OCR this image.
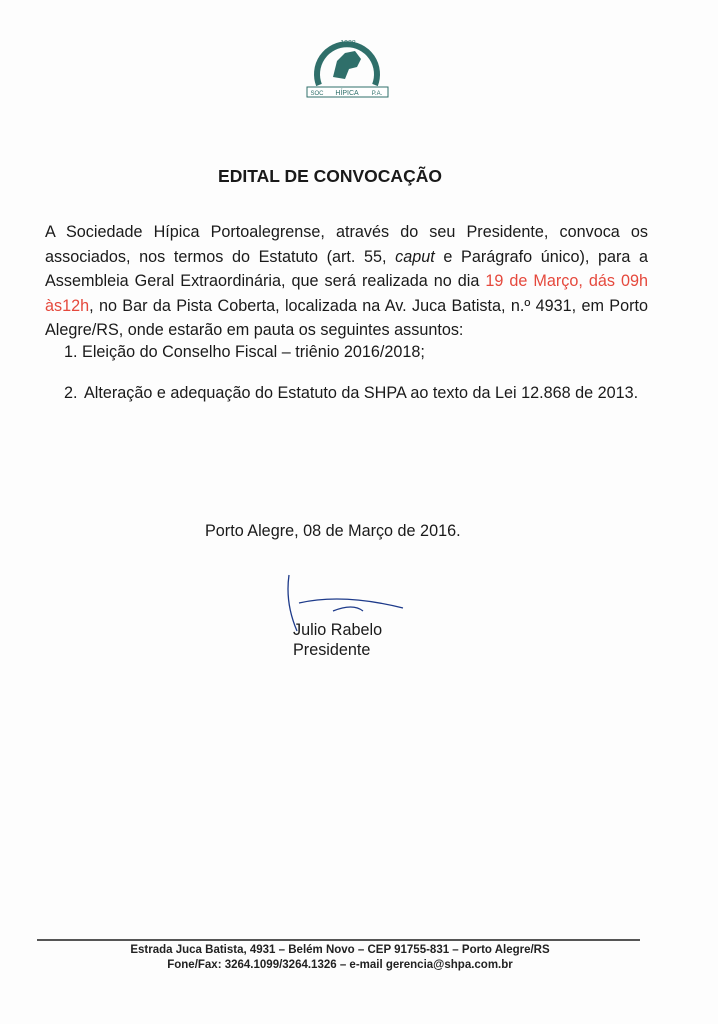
1938
SOC HÍPICA P.A.
EDITAL DE CONVOCAÇÃO
A Sociedade Hípica Portoalegrense, através do seu Presidente, convoca os associados, nos termos do Estatuto (art. 55, caput e Parágrafo único), para a Assembleia Geral Extraordinária, que será realizada no dia 19 de Março, dás 09h às12h, no Bar da Pista Coberta, localizada na Av. Juca Batista, n.º 4931, em Porto Alegre/RS, onde estarão em pauta os seguintes assuntos:
1. Eleição do Conselho Fiscal – triênio 2016/2018;
2. Alteração e adequação do Estatuto da SHPA ao texto da Lei 12.868 de 2013.
Porto Alegre, 08 de Março de 2016.
Julio Rabelo
Presidente
Estrada Juca Batista, 4931 – Belém Novo – CEP 91755-831 – Porto Alegre/RS
Fone/Fax: 3264.1099/3264.1326 – e-mail gerencia@shpa.com.br
